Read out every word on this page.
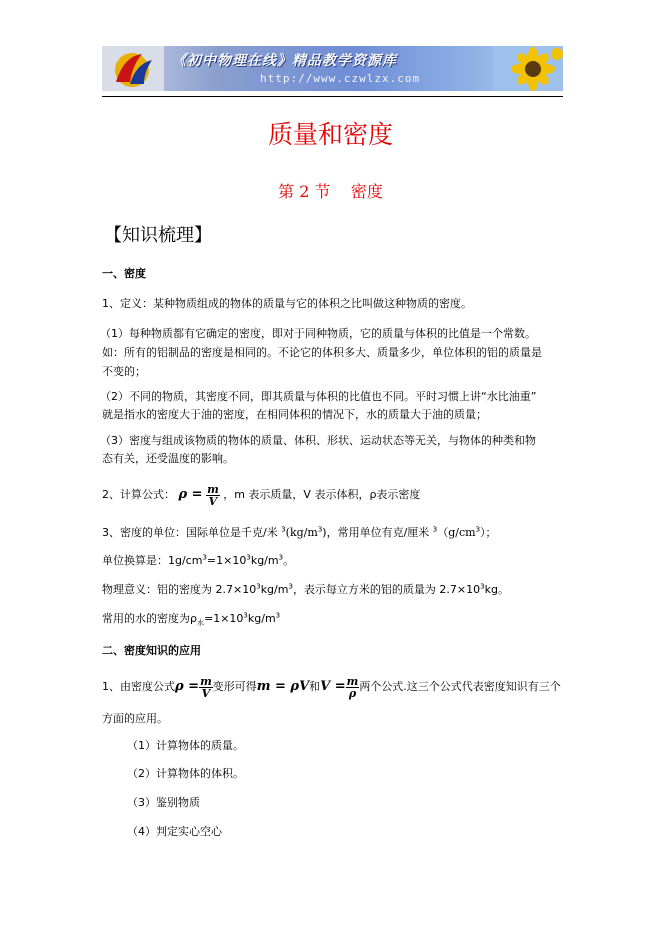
《初中物理在线》精品教学资源库
http://www.czwlzx.com
质量和密度
第 2 节    密度
【知识梳理】
一、密度
1、定义：某种物质组成的物体的质量与它的体积之比叫做这种物质的密度。
（1）每种物质都有它确定的密度，即对于同种物质，它的质量与体积的比值是一个常数。
如：所有的铝制品的密度是相同的。不论它的体积多大、质量多少，单位体积的铝的质量是
不变的；
（2）不同的物质，其密度不同，即其质量与体积的比值也不同。平时习惯上讲“水比油重”
就是指水的密度大于油的密度，在相同体积的情况下，水的质量大于油的质量；
（3）密度与组成该物质的物体的质量、体积、形状、运动状态等无关，与物体的种类和物
态有关，还受温度的影响。
2、计算公式： $\rho = \frac{m}{V}$ ，m 表示质量，V 表示体积，ρ表示密度
3、密度的单位：国际单位是千克/米 $^3(kg/m^3)$，常用单位有克/厘米 $^3(g/cm^3)$；
单位换算是：$1g/cm^3=1\times 10^3kg/m^3$。
物理意义：铝的密度为 $2.7\times 10^3kg/m^3$，表示每立方米的铝的质量为 $2.7\times 10^3kg$。
常用的水的密度为$\rho_水=1\times 10^3kg/m^3$
二、密度知识的应用
1、由密度公式$\rho = \frac{m}{V}$ 变形可得m = ρV和$V = \frac{m}{\rho}$ 两个公式.这三个公式代表密度知识有三个
方面的应用。
（1）计算物体的质量。
（2）计算物体的体积。
（3）鉴别物质
（4）判定实心空心
